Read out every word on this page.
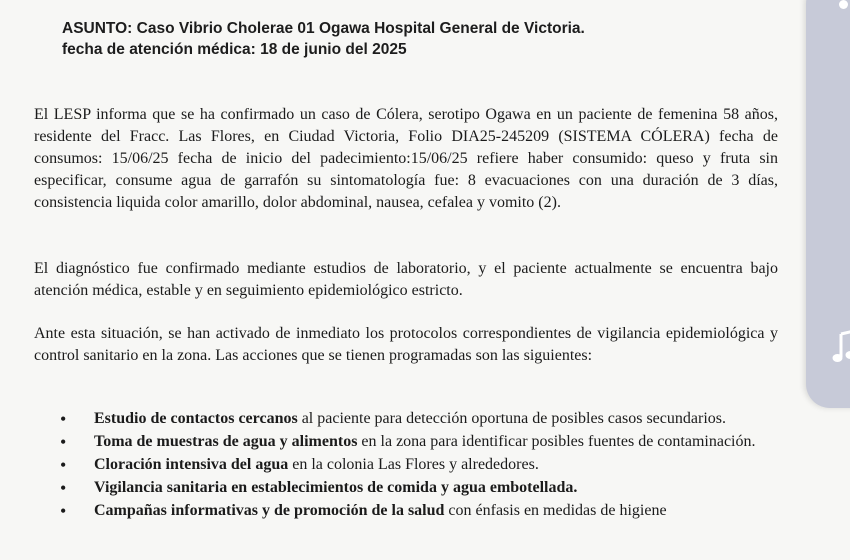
ASUNTO: Caso Vibrio Cholerae 01 Ogawa Hospital General de Victoria.
fecha de atención médica: 18 de junio del 2025
El LESP informa que se ha confirmado un caso de Cólera, serotipo Ogawa en un paciente de femenina 58 años, residente del Fracc. Las Flores, en Ciudad Victoria, Folio DIA25-245209 (SISTEMA CÓLERA) fecha de consumos: 15/06/25 fecha de inicio del padecimiento:15/06/25 refiere haber consumido: queso y fruta sin especificar, consume agua de garrafón su sintomatología fue: 8 evacuaciones con una duración de 3 días, consistencia liquida color amarillo, dolor abdominal, nausea, cefalea y vomito (2).
El diagnóstico fue confirmado mediante estudios de laboratorio, y el paciente actualmente se encuentra bajo atención médica, estable y en seguimiento epidemiológico estricto.
Ante esta situación, se han activado de inmediato los protocolos correspondientes de vigilancia epidemiológica y control sanitario en la zona. Las acciones que se tienen programadas son las siguientes:
• Estudio de contactos cercanos al paciente para detección oportuna de posibles casos secundarios.
• Toma de muestras de agua y alimentos en la zona para identificar posibles fuentes de contaminación.
• Cloración intensiva del agua en la colonia Las Flores y alrededores.
• Vigilancia sanitaria en establecimientos de comida y agua embotellada.
• Campañas informativas y de promoción de la salud con énfasis en medidas de higiene
